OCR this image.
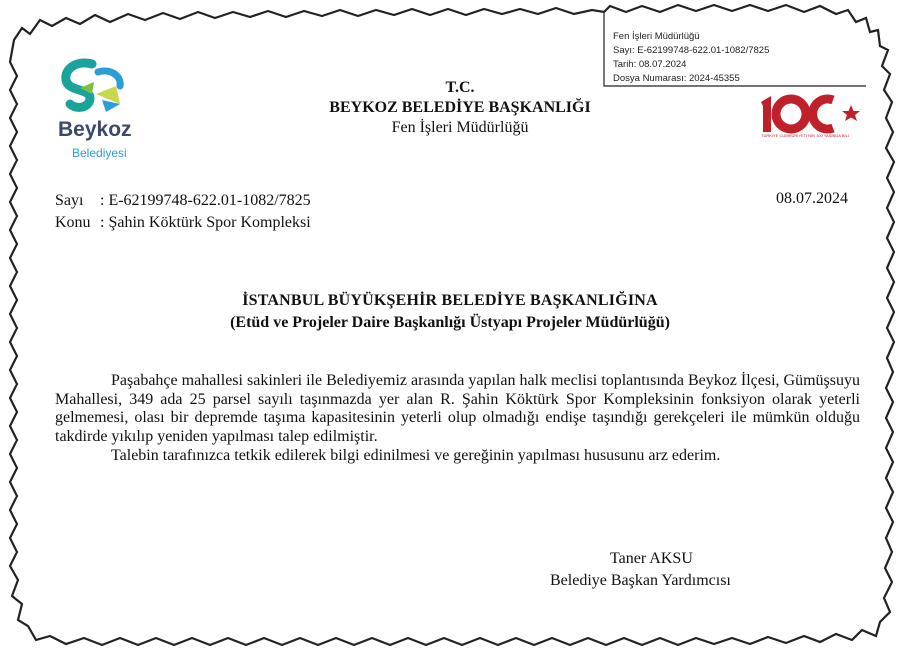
Fen İşleri Müdürlüğü
Sayı: E-62199748-622.01-1082/7825
Tarih: 08.07.2024
Dosya Numarası: 2024-45355
Beykoz
Belediyesi
T.C.
BEYKOZ BELEDİYE BAŞKANLIĞI
Fen İşleri Müdürlüğü	TÜRKİYE CUMHURİYETİ'NİN 100 YAŞINDA BİLİ
Sayı : E-62199748-622.01-1082/7825
Konu : Şahin Köktürk Spor Kompleksi
08.07.2024
İSTANBUL BÜYÜKŞEHİR BELEDİYE BAŞKANLIĞINA
(Etüd ve Projeler Daire Başkanlığı Üstyapı Projeler Müdürlüğü)

Paşabahçe mahallesi sakinleri ile Belediyemiz arasında yapılan halk meclisi toplantısında Beykoz İlçesi, Gümüşsuyu Mahallesi, 349 ada 25 parsel sayılı taşınmazda yer alan R. Şahin Köktürk Spor Kompleksinin fonksiyon olarak yeterli gelmemesi, olası bir depremde taşıma kapasitesinin yeterli olup olmadığı endişe taşındığı gerekçeleri ile mümkün olduğu takdirde yıkılıp yeniden yapılması talep edilmiştir.

Talebin tarafınızca tetkik edilerek bilgi edinilmesi ve gereğinin yapılması hususunu arz ederim.

Taner AKSU
Belediye Başkan Yardımcısı
